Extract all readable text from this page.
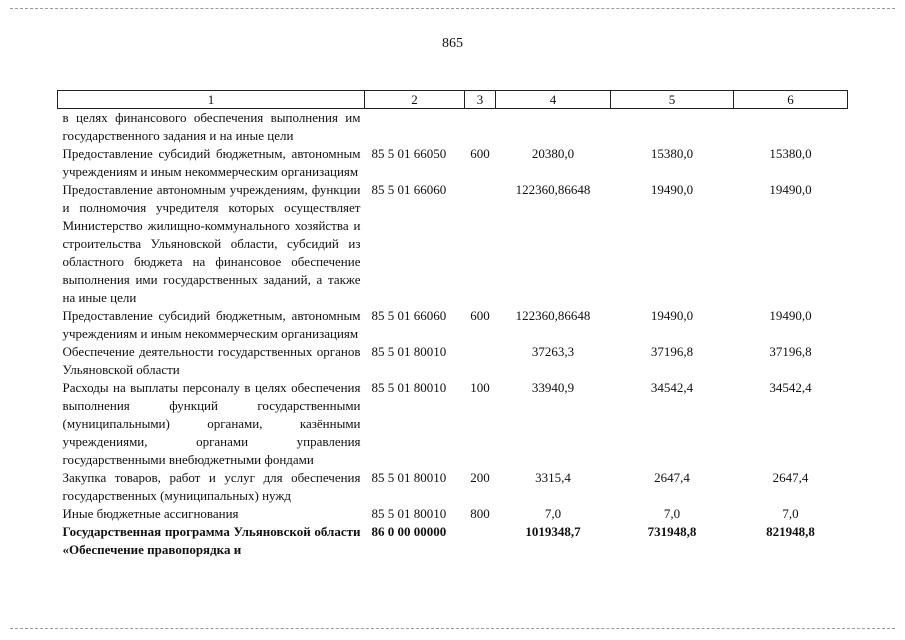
865
1	2	3	4	5	6
в целях финансового обеспечения выполнения им государственного задания и на иные цели					
Предоставление субсидий бюджетным, автономным учреждениям и иным некоммерческим организациям	85 5 01 66050	600	20380,0	15380,0	15380,0
Предоставление автономным учреждениям, функции и полномочия учредителя которых осуществляет Министерство жилищно-коммунального хозяйства и строительства Ульяновской области, субсидий из областного бюджета на финансовое обеспечение выполнения ими государственных заданий, а также на иные цели	85 5 01 66060		122360,86648	19490,0	19490,0
Предоставление субсидий бюджетным, автономным учреждениям и иным некоммерческим организациям	85 5 01 66060	600	122360,86648	19490,0	19490,0
Обеспечение деятельности государственных органов Ульяновской области	85 5 01 80010		37263,3	37196,8	37196,8
Расходы на выплаты персоналу в целях обеспечения выполнения функций государственными (муниципальными) органами, казёнными учреждениями, органами управления государственными внебюджетными фондами	85 5 01 80010	100	33940,9	34542,4	34542,4
Закупка товаров, работ и услуг для обеспечения государственных (муниципальных) нужд	85 5 01 80010	200	3315,4	2647,4	2647,4
Иные бюджетные ассигнования	85 5 01 80010	800	7,0	7,0	7,0
Государственная программа Ульяновской области «Обеспечение правопорядка и	86 0 00 00000		1019348,7	731948,8	821948,8
